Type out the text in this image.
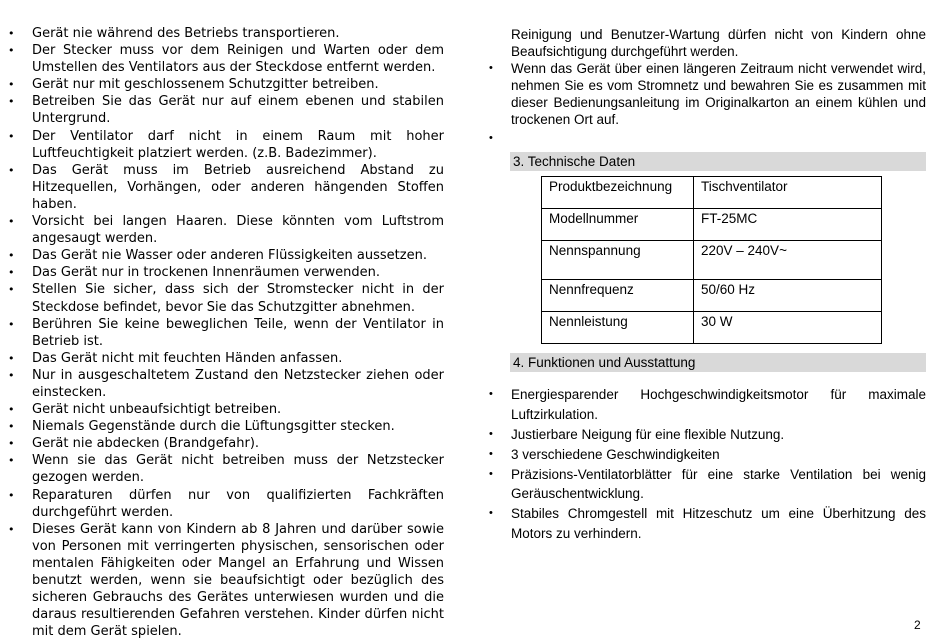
• Gerät nie während des Betriebs transportieren.
• Der Stecker muss vor dem Reinigen und Warten oder dem Umstellen des Ventilators aus der Steckdose entfernt werden.
• Gerät nur mit geschlossenem Schutzgitter betreiben.
• Betreiben Sie das Gerät nur auf einem ebenen und stabilen Untergrund.
• Der Ventilator darf nicht in einem Raum mit hoher Luftfeuchtigkeit platziert werden. (z.B. Badezimmer).
• Das Gerät muss im Betrieb ausreichend Abstand zu Hitzequellen, Vorhängen, oder anderen hängenden Stoffen haben.
• Vorsicht bei langen Haaren. Diese könnten vom Luftstrom angesaugt werden.
• Das Gerät nie Wasser oder anderen Flüssigkeiten aussetzen.
• Das Gerät nur in trockenen Innenräumen verwenden.
• Stellen Sie sicher, dass sich der Stromstecker nicht in der Steckdose befindet, bevor Sie das Schutzgitter abnehmen.
• Berühren Sie keine beweglichen Teile, wenn der Ventilator in Betrieb ist.
• Das Gerät nicht mit feuchten Händen anfassen.
• Nur in ausgeschaltetem Zustand den Netzstecker ziehen oder einstecken.
• Gerät nicht unbeaufsichtigt betreiben.
• Niemals Gegenstände durch die Lüftungsgitter stecken.
• Gerät nie abdecken (Brandgefahr).
• Wenn sie das Gerät nicht betreiben muss der Netzstecker gezogen werden.
• Reparaturen dürfen nur von qualifizierten Fachkräften durchgeführt werden.
• Dieses Gerät kann von Kindern ab 8 Jahren und darüber sowie von Personen mit verringerten physischen, sensorischen oder mentalen Fähigkeiten oder Mangel an Erfahrung und Wissen benutzt werden, wenn sie beaufsichtigt oder bezüglich des sicheren Gebrauchs des Gerätes unterwiesen wurden und die daraus resultierenden Gefahren verstehen. Kinder dürfen nicht mit dem Gerät spielen.
Reinigung und Benutzer-Wartung dürfen nicht von Kindern ohne Beaufsichtigung durchgeführt werden.
• Wenn das Gerät über einen längeren Zeitraum nicht verwendet wird, nehmen Sie es vom Stromnetz und bewahren Sie es zusammen mit dieser Bedienungsanleitung im Originalkarton an einem kühlen und trockenen Ort auf.
•
3. Technische Daten
Produktbezeichnung	Tischventilator
Modellnummer	FT-25MC
Nennspannung	220V – 240V~
Nennfrequenz	50/60 Hz
Nennleistung	30 W
4. Funktionen und Ausstattung
• Energiesparender Hochgeschwindigkeitsmotor für maximale Luftzirkulation.
• Justierbare Neigung für eine flexible Nutzung.
• 3 verschiedene Geschwindigkeiten
• Präzisions-Ventilatorblätter für eine starke Ventilation bei wenig Geräuschentwicklung.
• Stabiles Chromgestell mit Hitzeschutz um eine Überhitzung des Motors zu verhindern.
2
